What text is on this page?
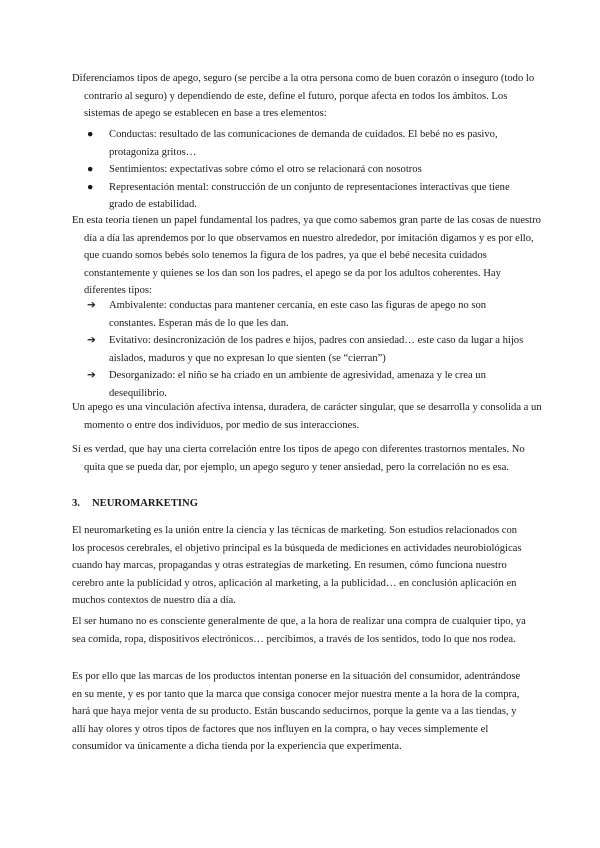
Diferenciamos tipos de apego, seguro (se percibe a la otra persona como de buen corazón o inseguro (todo lo contrario al seguro) y dependiendo de este, define el futuro, porque afecta en todos los ámbitos. Los sistemas de apego se establecen en base a tres elementos:

● Conductas: resultado de las comunicaciones de demanda de cuidados. El bebé no es pasivo, protagoniza gritos…
● Sentimientos: expectativas sobre cómo el otro se relacionará con nosotros
● Representación mental: construcción de un conjunto de representaciones interactivas que tiene grado de estabilidad.

En esta teoría tienen un papel fundamental los padres, ya que como sabemos gran parte de las cosas de nuestro día a día las aprendemos por lo que observamos en nuestro alrededor, por imitación digamos y es por ello, que cuando somos bebés solo tenemos la figura de los padres, ya que el bebé necesita cuidados constantemente y quienes se los dan son los padres, el apego se da por los adultos coherentes. Hay diferentes tipos:

➔ Ambivalente: conductas para mantener cercanía, en este caso las figuras de apego no son constantes. Esperan más de lo que les dan.
➔ Evitativo: desincronización de los padres e hijos, padres con ansiedad… este caso da lugar a hijos aislados, maduros y que no expresan lo que sienten (se “cierran”)
➔ Desorganizado: el niño se ha criado en un ambiente de agresividad, amenaza y le crea un desequilibrio.

Un apego es una vinculación afectiva intensa, duradera, de carácter singular, que se desarrolla y consolida a un momento o entre dos individuos, por medio de sus interacciones.

Sí es verdad, que hay una cierta correlación entre los tipos de apego con diferentes trastornos mentales. No quita que se pueda dar, por ejemplo, un apego seguro y tener ansiedad, pero la correlación no es esa.

3. NEUROMARKETING

El neuromarketing es la unión entre la ciencia y las técnicas de marketing. Son estudios relacionados con los procesos cerebrales, el objetivo principal es la búsqueda de mediciones en actividades neurobiológicas cuando hay marcas, propagandas y otras estrategias de marketing. En resumen, cómo funciona nuestro cerebro ante la publicidad y otros, aplicación al marketing, a la publicidad… en conclusión aplicación en muchos contextos de nuestro día a día.

El ser humano no es consciente generalmente de que, a la hora de realizar una compra de cualquier tipo, ya sea comida, ropa, dispositivos electrónicos… percibimos, a través de los sentidos, todo lo que nos rodea.

Es por ello que las marcas de los productos intentan ponerse en la situación del consumidor, adentrándose en su mente, y es por tanto que la marca que consiga conocer mejor nuestra mente a la hora de la compra, hará que haya mejor venta de su producto. Están buscando seducirnos, porque la gente va a las tiendas, y allí hay olores y otros tipos de factores que nos influyen en la compra, o hay veces simplemente el consumidor va únicamente a dicha tienda por la experiencia que experimenta.
